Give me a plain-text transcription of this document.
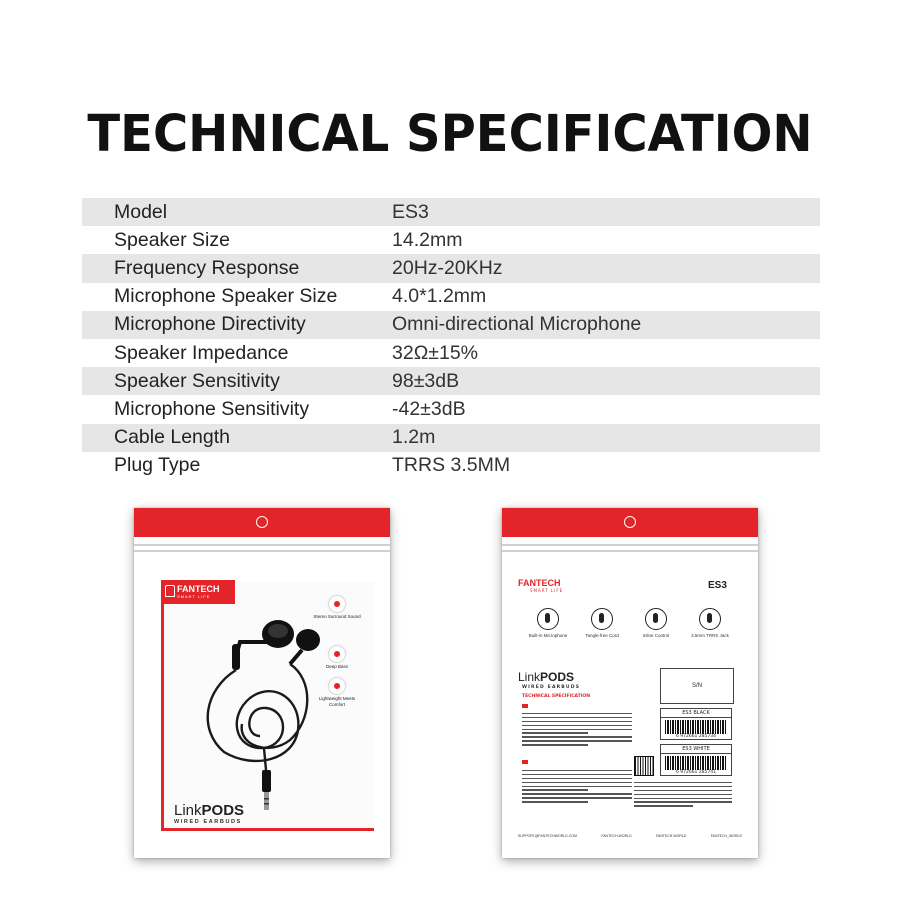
TECHNICAL SPECIFICATION
Model	ES3
Speaker Size	14.2mm
Frequency Response	20Hz-20KHz
Microphone Speaker Size	4.0*1.2mm
Microphone Directivity	Omni-directional Microphone
Speaker Impedance	32Ω±15%
Speaker Sensitivity	98±3dB
Microphone Sensitivity	-42±3dB
Cable Length	1.2m
Plug Type	TRRS 3.5MM
FANTECH
SMART LIFE
Stereo Surround Sound
Deep Bass
Lightweight Meets Comfort
LinkPODS
WIRED EARBUDS
FANTECH
SMART LIFE	ES3
Built-in Microphone	Tangle-free Cord	Inline Control	3.5mm TRRS Jack
LinkPODS
WIRED EARBUDS
TECHNICAL SPECIFICATION
S/N
ES3 BLACK
6 972661 285734
ES3 WHITE
6 972661 285741
SUPPORT@FANTECHWORLD.COM	FANTECH.WORLD	FANTECH.WORLD	FANTECH_WORLD
